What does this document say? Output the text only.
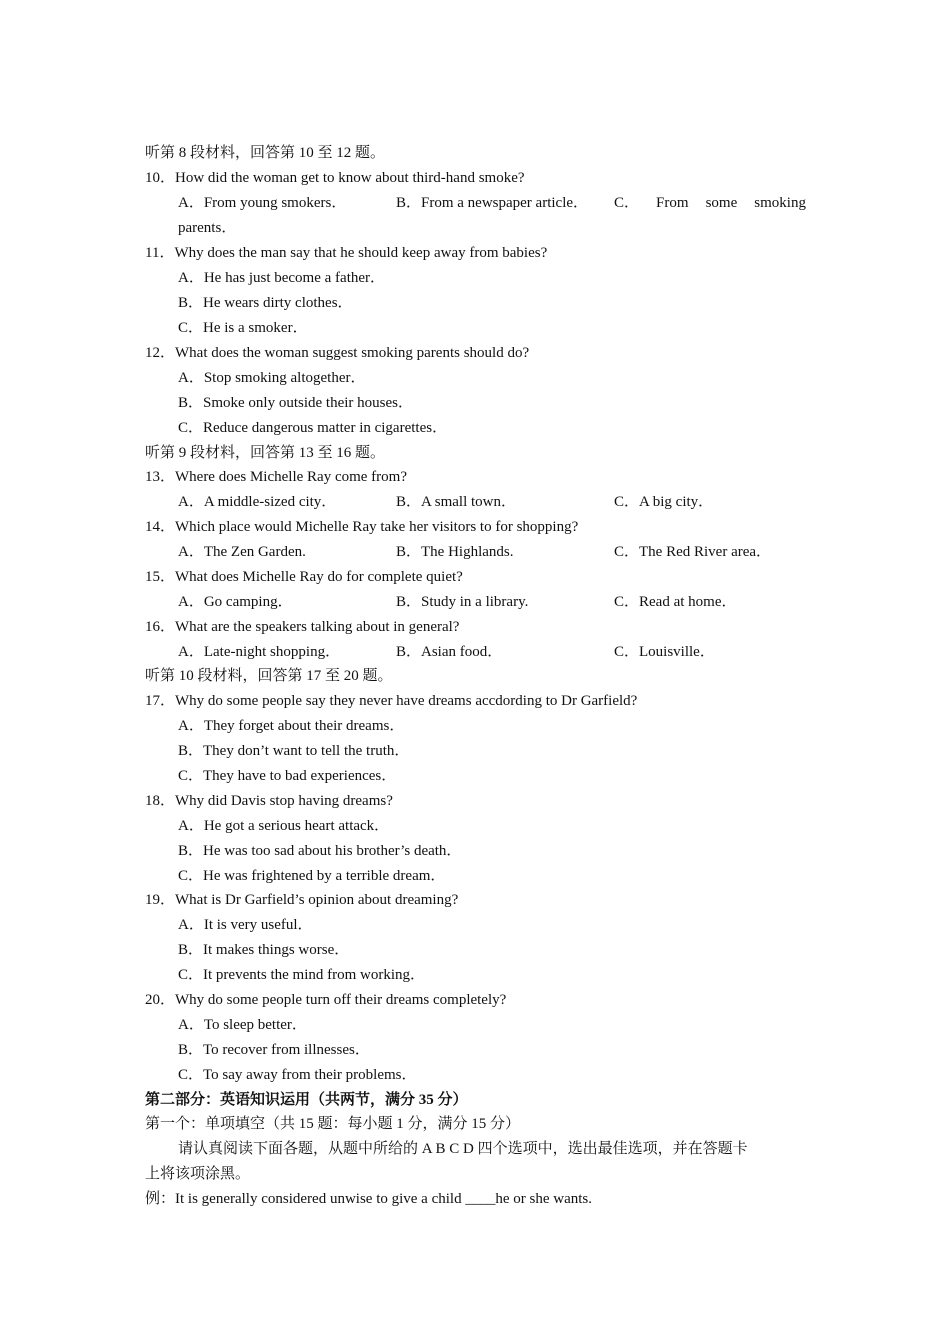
听第 8 段材料，回答第 10 至 12 题。
10．How did the woman get to know about third-hand smoke?
A．From young smokers．	B．From a newspaper article． C． From some smoking
parents．
11．Why does the man say that he should keep away from babies?
A．He has just become a father．
B．He wears dirty clothes．
C．He is a smoker．
12．What does the woman suggest smoking parents should do?
A．Stop smoking altogether．
B．Smoke only outside their houses．
C．Reduce dangerous matter in cigarettes．
听第 9 段材料，回答第 13 至 16 题。
13．Where does Michelle Ray come from?
A．A middle-sized city．	B．A small town．	C．A big city．
14．Which place would Michelle Ray take her visitors to for shopping?
A．The Zen Garden.	B．The Highlands.	C．The Red River area．
15．What does Michelle Ray do for complete quiet?
A．Go camping．	B．Study in a library.	C．Read at home．
16．What are the speakers talking about in general?
A．Late-night shopping．	B．Asian food．	C．Louisville．
听第 10 段材料，回答第 17 至 20 题。
17．Why do some people say they never have dreams accdording to Dr Garfield?
A．They forget about their dreams．
B．They don’t want to tell the truth．
C．They have to bad experiences．
18．Why did Davis stop having dreams?
A．He got a serious heart attack．
B．He was too sad about his brother’s death．
C．He was frightened by a terrible dream．
19．What is Dr Garfield’s opinion about dreaming?
A．It is very useful．
B．It makes things worse．
C．It prevents the mind from working．
20．Why do some people turn off their dreams completely?
A．To sleep better．
B．To recover from illnesses．
C．To say away from their problems．
第二部分：英语知识运用（共两节，满分 35 分）
第一个：单项填空（共 15 题：每小题 1 分，满分 15 分）
请认真阅读下面各题，从题中所给的 A B C D 四个选项中，选出最佳选项，并在答题卡
上将该项涂黑。
例：It is generally considered unwise to give a child ____he or she wants.
